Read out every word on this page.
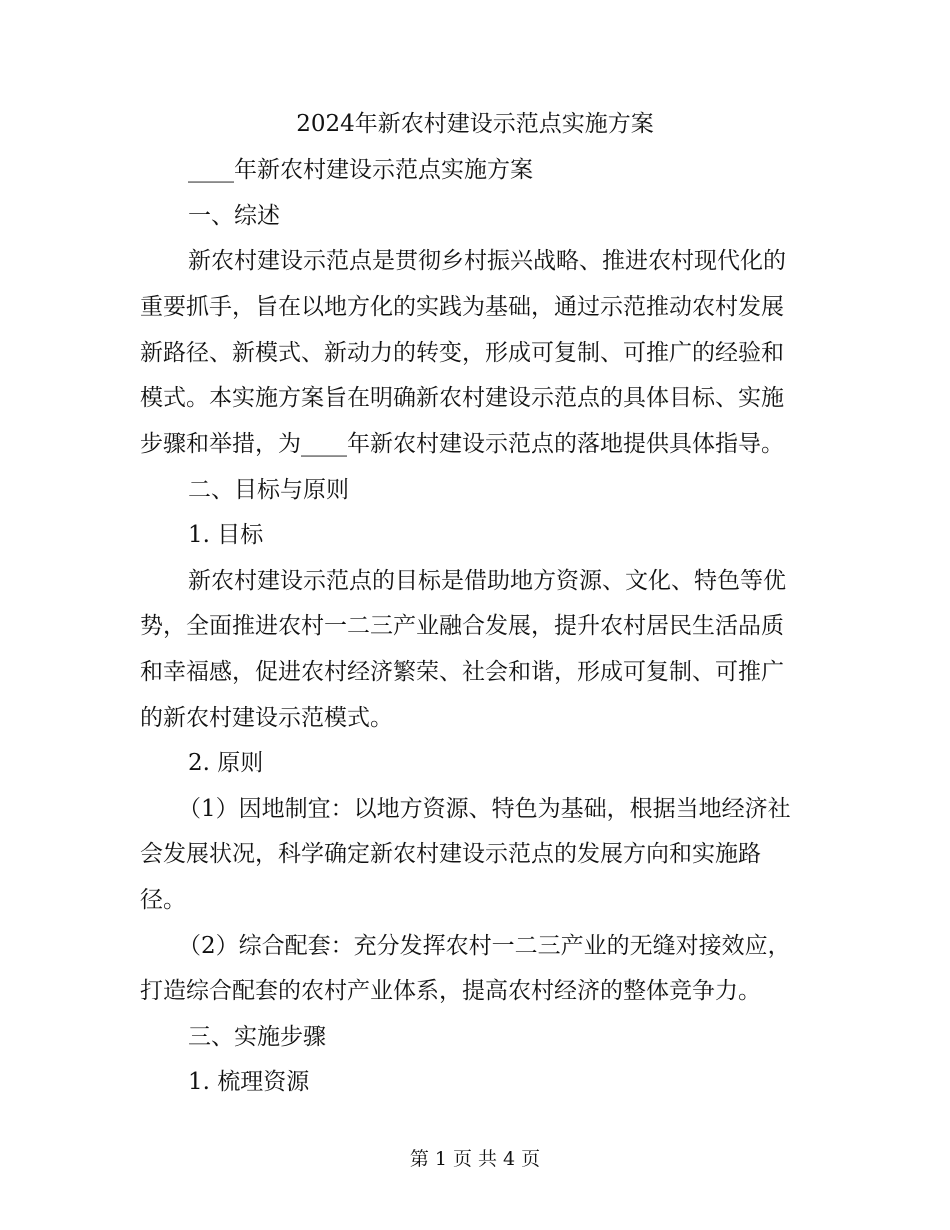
2024年新农村建设示范点实施方案
____年新农村建设示范点实施方案
一、综述
新农村建设示范点是贯彻乡村振兴战略、推进农村现代化的
重要抓手，旨在以地方化的实践为基础，通过示范推动农村发展
新路径、新模式、新动力的转变，形成可复制、可推广的经验和
模式。本实施方案旨在明确新农村建设示范点的具体目标、实施
步骤和举措，为____年新农村建设示范点的落地提供具体指导。
二、目标与原则
1. 目标
新农村建设示范点的目标是借助地方资源、文化、特色等优
势，全面推进农村一二三产业融合发展，提升农村居民生活品质
和幸福感，促进农村经济繁荣、社会和谐，形成可复制、可推广
的新农村建设示范模式。
2. 原则
（1）因地制宜：以地方资源、特色为基础，根据当地经济社
会发展状况，科学确定新农村建设示范点的发展方向和实施路
径。
（2）综合配套：充分发挥农村一二三产业的无缝对接效应，
打造综合配套的农村产业体系，提高农村经济的整体竞争力。
三、实施步骤
1. 梳理资源
第 1 页 共 4 页
